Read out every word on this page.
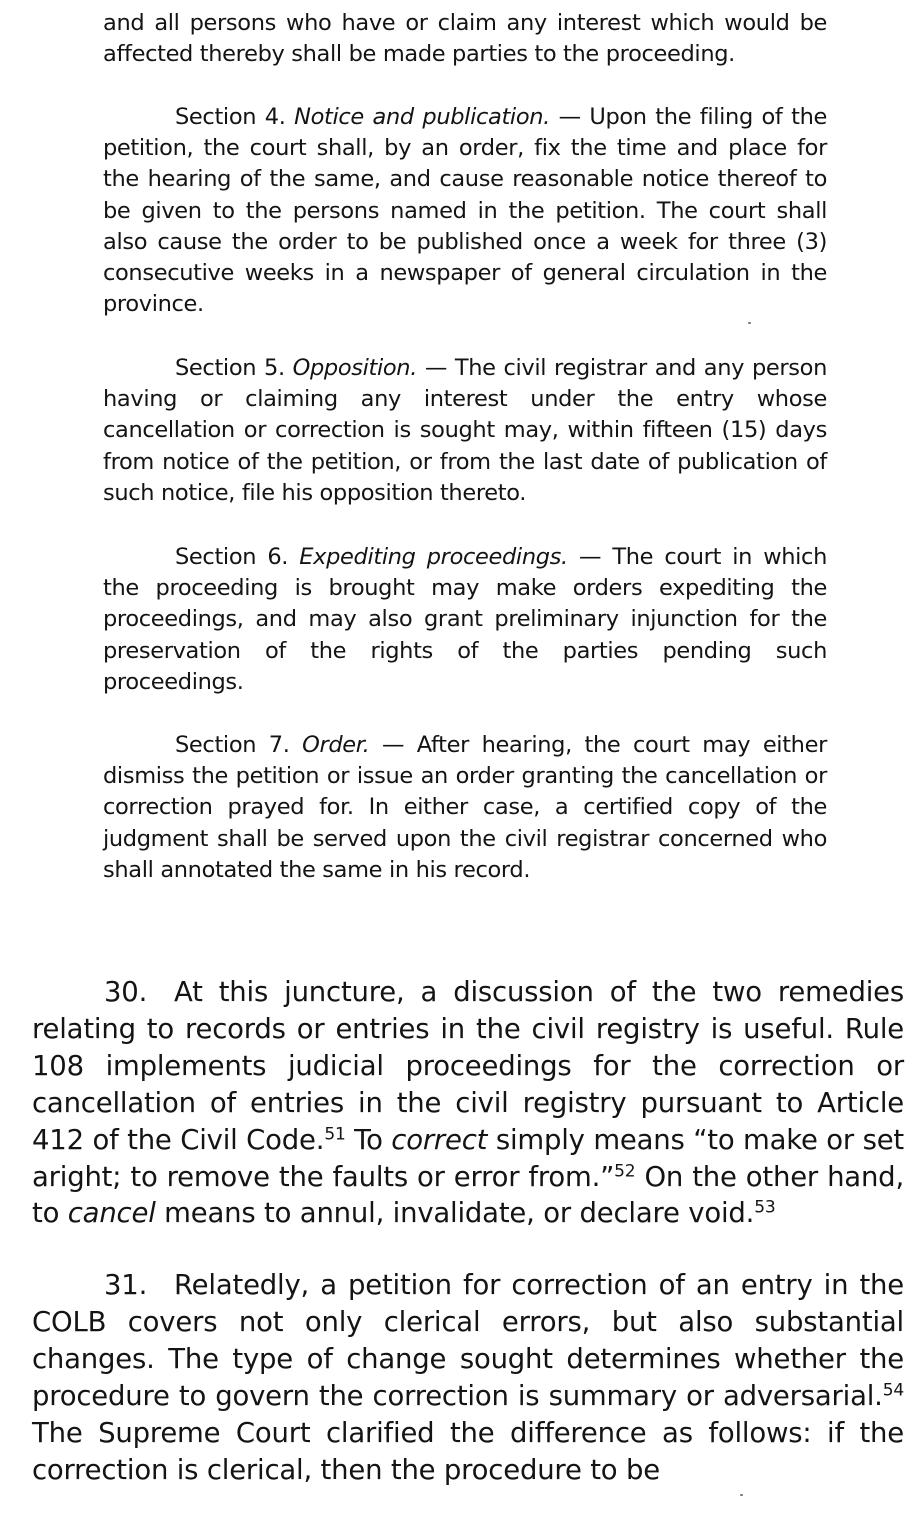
and all persons who have or claim any interest which would be affected thereby shall be made parties to the proceeding.

Section 4. Notice and publication. — Upon the filing of the petition, the court shall, by an order, fix the time and place for the hearing of the same, and cause reasonable notice thereof to be given to the persons named in the petition. The court shall also cause the order to be published once a week for three (3) consecutive weeks in a newspaper of general circulation in the province.

Section 5. Opposition. — The civil registrar and any person having or claiming any interest under the entry whose cancellation or correction is sought may, within fifteen (15) days from notice of the petition, or from the last date of publication of such notice, file his opposition thereto.

Section 6. Expediting proceedings. — The court in which the proceeding is brought may make orders expediting the proceedings, and may also grant preliminary injunction for the preservation of the rights of the parties pending such proceedings.

Section 7. Order. — After hearing, the court may either dismiss the petition or issue an order granting the cancellation or correction prayed for. In either case, a certified copy of the judgment shall be served upon the civil registrar concerned who shall annotated the same in his record.

30. At this juncture, a discussion of the two remedies relating to records or entries in the civil registry is useful. Rule 108 implements judicial proceedings for the correction or cancellation of entries in the civil registry pursuant to Article 412 of the Civil Code.$^{51}$ To correct simply means “to make or set aright; to remove the faults or error from.”$^{52}$ On the other hand, to cancel means to annul, invalidate, or declare void.$^{53}$

31. Relatedly, a petition for correction of an entry in the COLB covers not only clerical errors, but also substantial changes. The type of change sought determines whether the procedure to govern the correction is summary or adversarial.$^{54}$ The Supreme Court clarified the difference as follows: if the correction is clerical, then the procedure to be
